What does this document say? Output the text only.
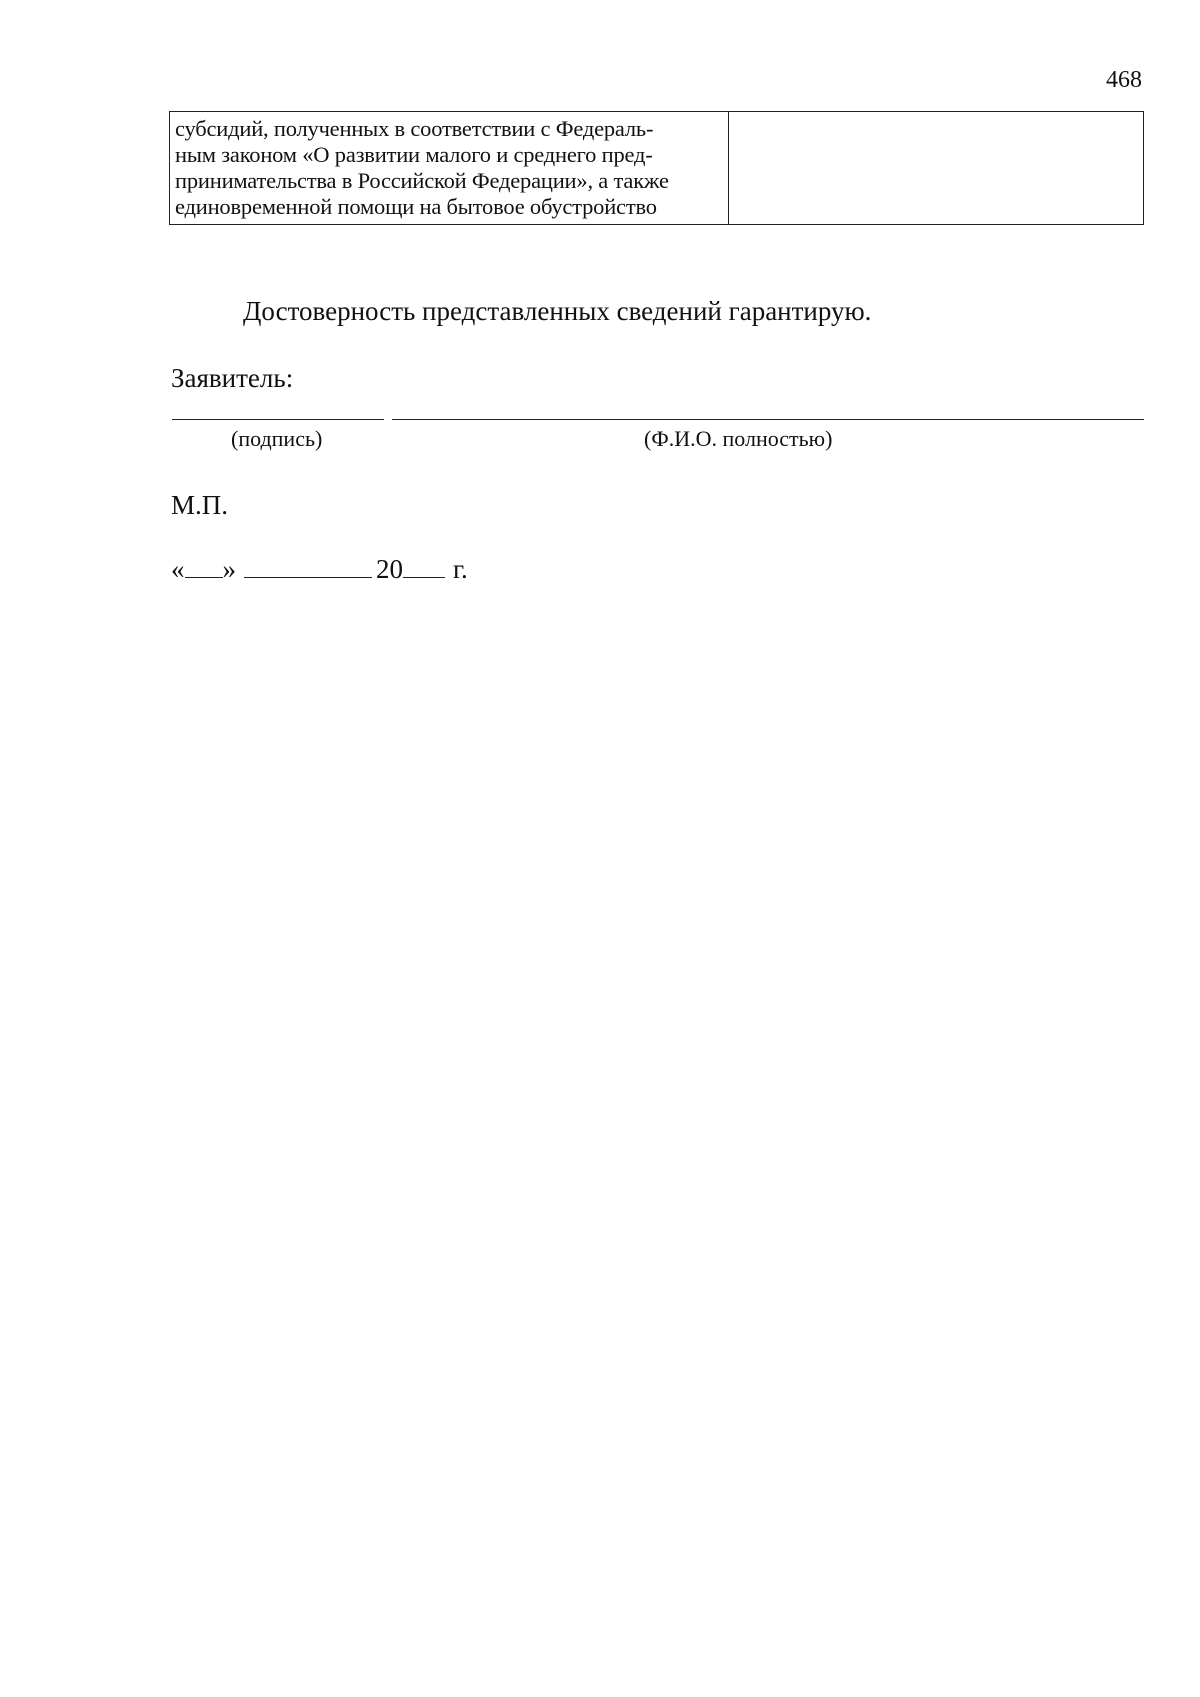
468
субсидий, полученных в соответствии с Федераль-
ным законом «О развитии малого и среднего пред-
принимательства в Российской Федерации», а также
единовременной помощи на бытовое обустройство
Достоверность представленных сведений гарантирую.
Заявитель:
(подпись)	(Ф.И.О. полностью)
М.П.
« »	20 г.
